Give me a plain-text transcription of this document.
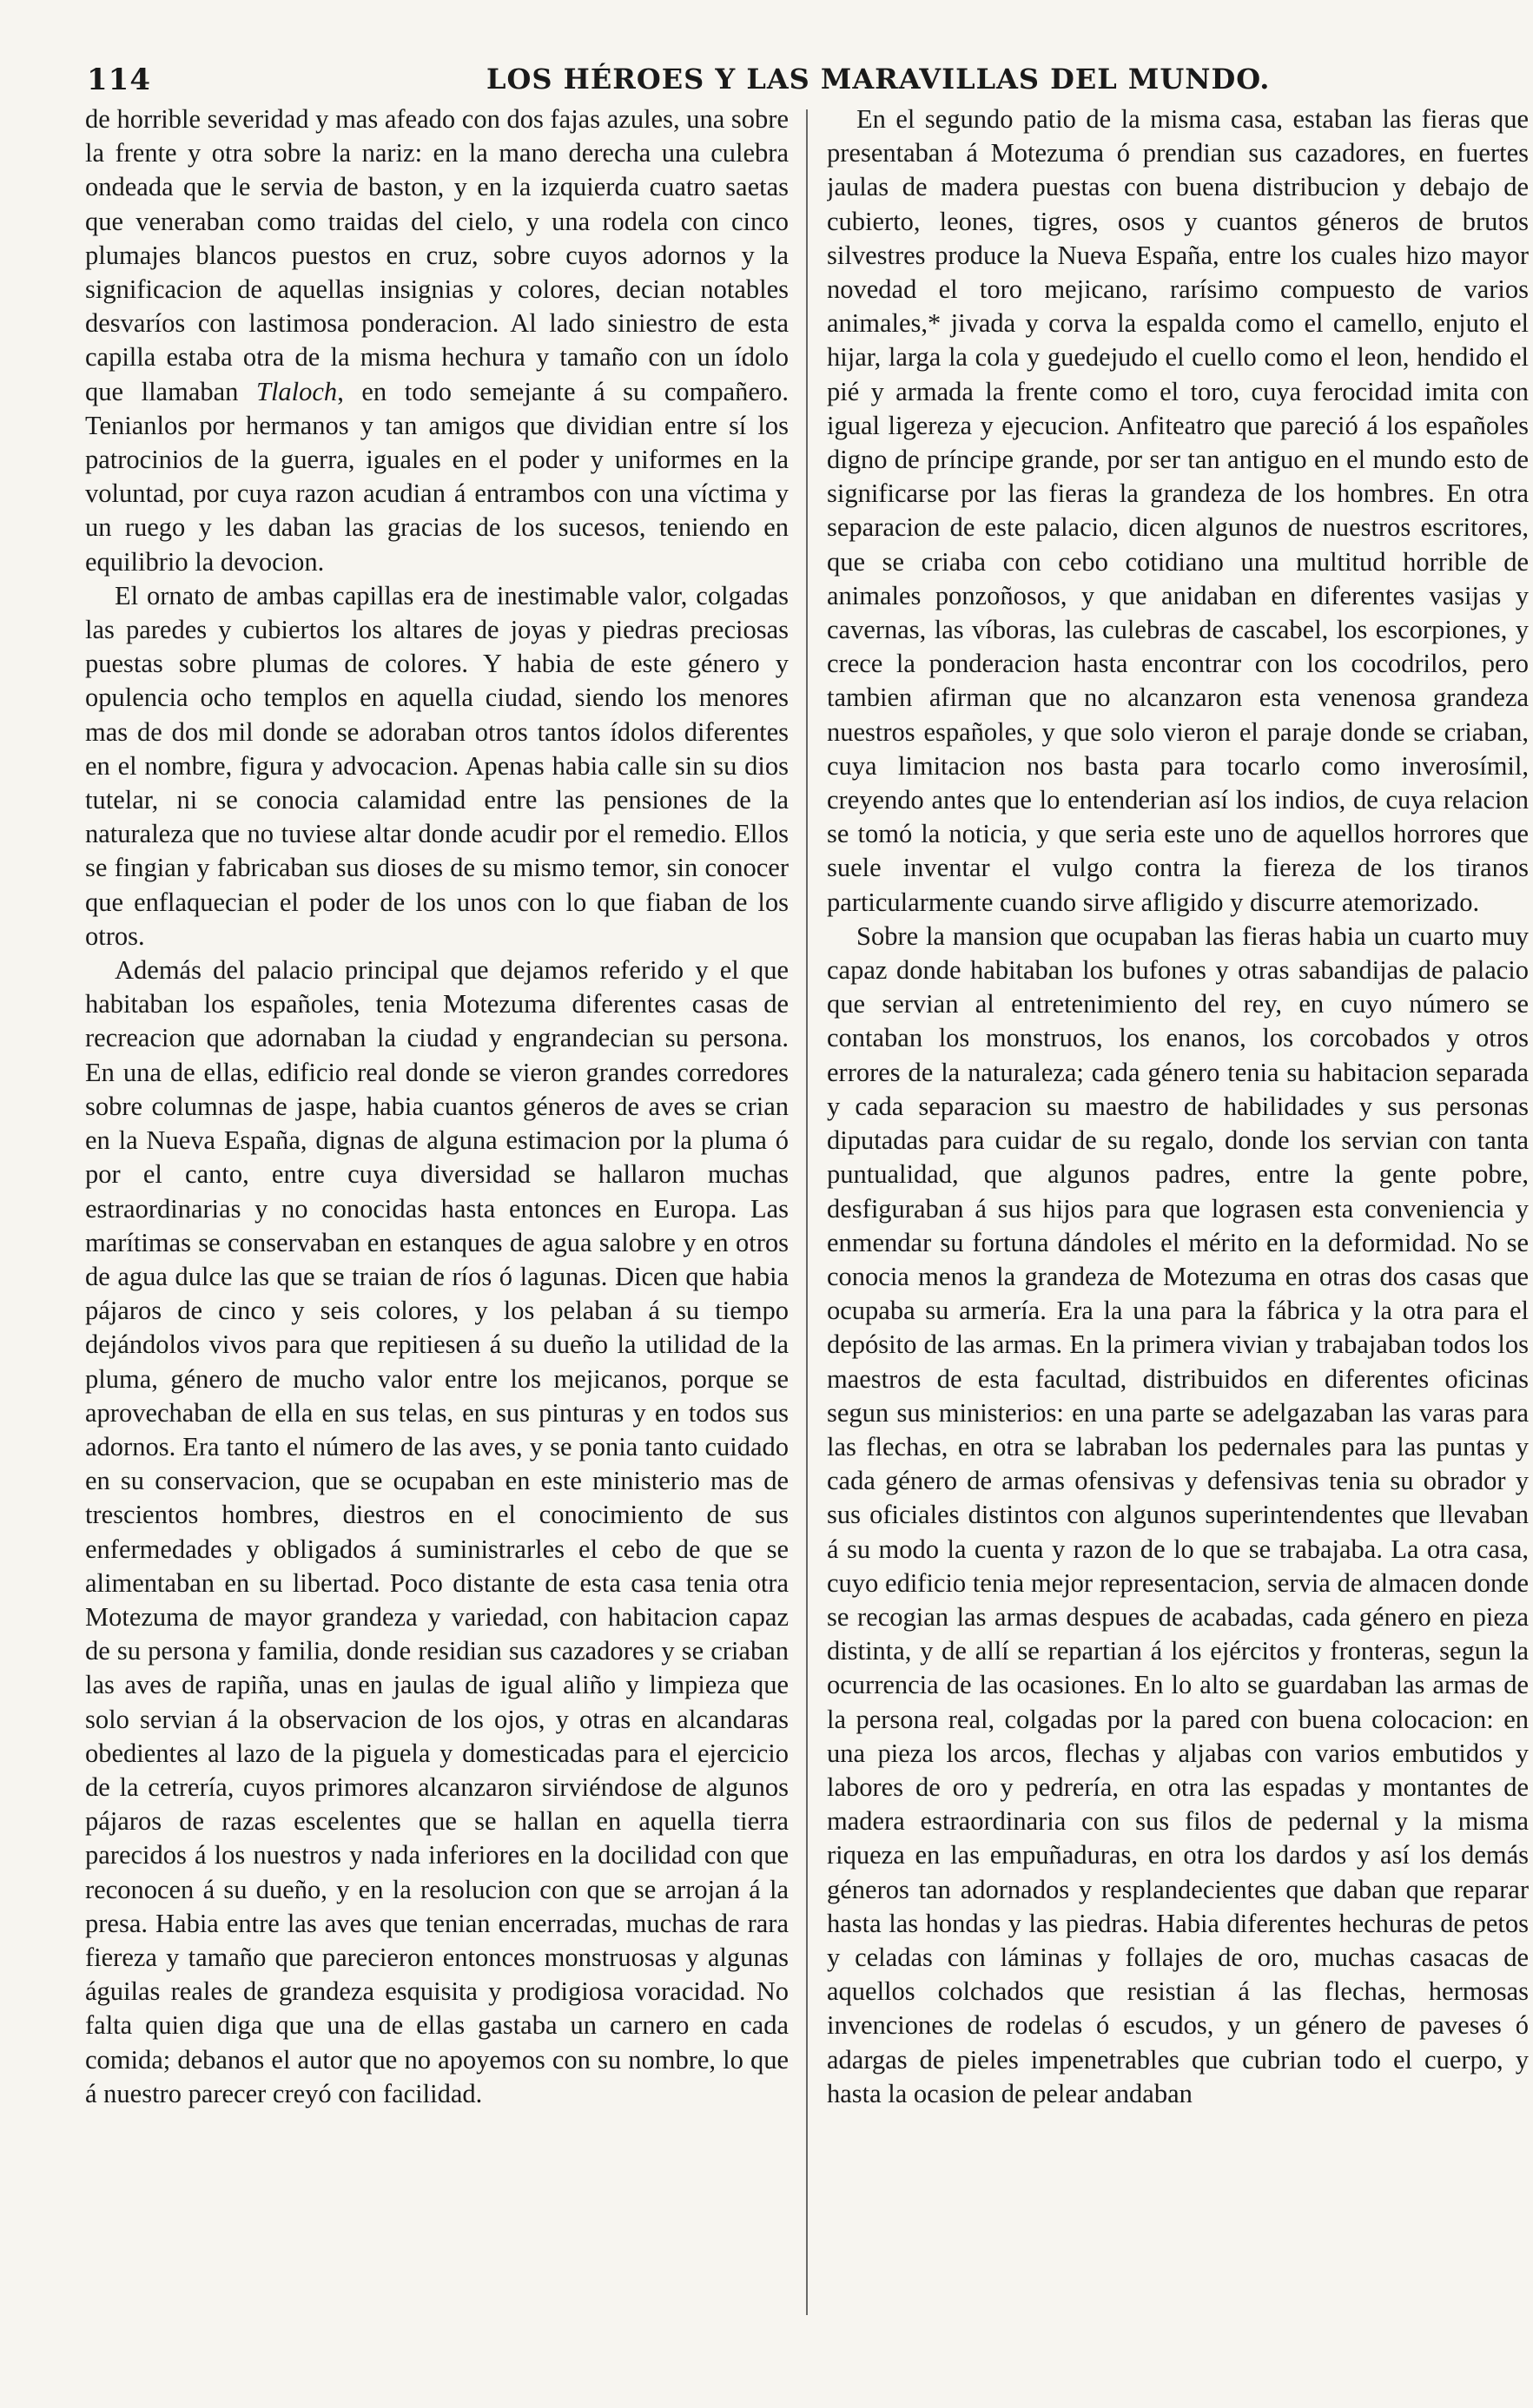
114	LOS HÉROES Y LAS MARAVILLAS DEL MUNDO.

de horrible severidad y mas afeado con dos fajas azules, una sobre la frente y otra sobre la nariz: en la mano derecha una culebra ondeada que le servia de baston, y en la izquierda cuatro saetas que veneraban como traidas del cielo, y una rodela con cinco plumajes blancos puestos en cruz, sobre cuyos adornos y la significacion de aquellas insignias y colores, decian notables desvaríos con lastimosa ponderacion. Al lado siniestro de esta capilla estaba otra de la misma hechura y tamaño con un ídolo que llamaban Tlaloch, en todo semejante á su compañero. Tenianlos por hermanos y tan amigos que dividian entre sí los patrocinios de la guerra, iguales en el poder y uniformes en la voluntad, por cuya razon acudian á entrambos con una víctima y un ruego y les daban las gracias de los sucesos, teniendo en equilibrio la devocion.

El ornato de ambas capillas era de inestimable valor, colgadas las paredes y cubiertos los altares de joyas y piedras preciosas puestas sobre plumas de colores. Y habia de este género y opulencia ocho templos en aquella ciudad, siendo los menores mas de dos mil donde se adoraban otros tantos ídolos diferentes en el nombre, figura y advocacion. Apenas habia calle sin su dios tutelar, ni se conocia calamidad entre las pensiones de la naturaleza que no tuviese altar donde acudir por el remedio. Ellos se fingian y fabricaban sus dioses de su mismo temor, sin conocer que enflaquecian el poder de los unos con lo que fiaban de los otros.

Además del palacio principal que dejamos referido y el que habitaban los españoles, tenia Motezuma diferentes casas de recreacion que adornaban la ciudad y engrandecian su persona. En una de ellas, edificio real donde se vieron grandes corredores sobre columnas de jaspe, habia cuantos géneros de aves se crian en la Nueva España, dignas de alguna estimacion por la pluma ó por el canto, entre cuya diversidad se hallaron muchas estraordinarias y no conocidas hasta entonces en Europa. Las marítimas se conservaban en estanques de agua salobre y en otros de agua dulce las que se traian de ríos ó lagunas. Dicen que habia pájaros de cinco y seis colores, y los pelaban á su tiempo dejándolos vivos para que repitiesen á su dueño la utilidad de la pluma, género de mucho valor entre los mejicanos, porque se aprovechaban de ella en sus telas, en sus pinturas y en todos sus adornos. Era tanto el número de las aves, y se ponia tanto cuidado en su conservacion, que se ocupaban en este ministerio mas de trescientos hombres, diestros en el conocimiento de sus enfermedades y obligados á suministrarles el cebo de que se alimentaban en su libertad. Poco distante de esta casa tenia otra Motezuma de mayor grandeza y variedad, con habitacion capaz de su persona y familia, donde residian sus cazadores y se criaban las aves de rapiña, unas en jaulas de igual aliño y limpieza que solo servian á la observacion de los ojos, y otras en alcandaras obedientes al lazo de la piguela y domesticadas para el ejercicio de la cetrería, cuyos primores alcanzaron sirviéndose de algunos pájaros de razas escelentes que se hallan en aquella tierra parecidos á los nuestros y nada inferiores en la docilidad con que reconocen á su dueño, y en la resolucion con que se arrojan á la presa. Habia entre las aves que tenian encerradas, muchas de rara fiereza y tamaño que parecieron entonces monstruosas y algunas águilas reales de grandeza esquisita y prodigiosa voracidad. No falta quien diga que una de ellas gastaba un carnero en cada comida; debanos el autor que no apoyemos con su nombre, lo que á nuestro parecer creyó con facilidad.

En el segundo patio de la misma casa, estaban las fieras que presentaban á Motezuma ó prendian sus cazadores, en fuertes jaulas de madera puestas con buena distribucion y debajo de cubierto, leones, tigres, osos y cuantos géneros de brutos silvestres produce la Nueva España, entre los cuales hizo mayor novedad el toro mejicano, rarísimo compuesto de varios animales,* jivada y corva la espalda como el camello, enjuto el hijar, larga la cola y guedejudo el cuello como el leon, hendido el pié y armada la frente como el toro, cuya ferocidad imita con igual ligereza y ejecucion. Anfiteatro que pareció á los españoles digno de príncipe grande, por ser tan antiguo en el mundo esto de significarse por las fieras la grandeza de los hombres. En otra separacion de este palacio, dicen algunos de nuestros escritores, que se criaba con cebo cotidiano una multitud horrible de animales ponzoñosos, y que anidaban en diferentes vasijas y cavernas, las víboras, las culebras de cascabel, los escorpiones, y crece la ponderacion hasta encontrar con los cocodrilos, pero tambien afirman que no alcanzaron esta venenosa grandeza nuestros españoles, y que solo vieron el paraje donde se criaban, cuya limitacion nos basta para tocarlo como inverosímil, creyendo antes que lo entenderian así los indios, de cuya relacion se tomó la noticia, y que seria este uno de aquellos horrores que suele inventar el vulgo contra la fiereza de los tiranos particularmente cuando sirve afligido y discurre atemorizado.

Sobre la mansion que ocupaban las fieras habia un cuarto muy capaz donde habitaban los bufones y otras sabandijas de palacio que servian al entretenimiento del rey, en cuyo número se contaban los monstruos, los enanos, los corcobados y otros errores de la naturaleza; cada género tenia su habitacion separada y cada separacion su maestro de habilidades y sus personas diputadas para cuidar de su regalo, donde los servian con tanta puntualidad, que algunos padres, entre la gente pobre, desfiguraban á sus hijos para que lograsen esta conveniencia y enmendar su fortuna dándoles el mérito en la deformidad. No se conocia menos la grandeza de Motezuma en otras dos casas que ocupaba su armería. Era la una para la fábrica y la otra para el depósito de las armas. En la primera vivian y trabajaban todos los maestros de esta facultad, distribuidos en diferentes oficinas segun sus ministerios: en una parte se adelgazaban las varas para las flechas, en otra se labraban los pedernales para las puntas y cada género de armas ofensivas y defensivas tenia su obrador y sus oficiales distintos con algunos superintendentes que llevaban á su modo la cuenta y razon de lo que se trabajaba. La otra casa, cuyo edificio tenia mejor representacion, servia de almacen donde se recogian las armas despues de acabadas, cada género en pieza distinta, y de allí se repartian á los ejércitos y fronteras, segun la ocurrencia de las ocasiones. En lo alto se guardaban las armas de la persona real, colgadas por la pared con buena colocacion: en una pieza los arcos, flechas y aljabas con varios embutidos y labores de oro y pedrería, en otra las espadas y montantes de madera estraordinaria con sus filos de pedernal y la misma riqueza en las empuñaduras, en otra los dardos y así los demás géneros tan adornados y resplandecientes que daban que reparar hasta las hondas y las piedras. Habia diferentes hechuras de petos y celadas con láminas y follajes de oro, muchas casacas de aquellos colchados que resistian á las flechas, hermosas invenciones de rodelas ó escudos, y un género de paveses ó adargas de pieles impenetrables que cubrian todo el cuerpo, y hasta la ocasion de pelear andaban
